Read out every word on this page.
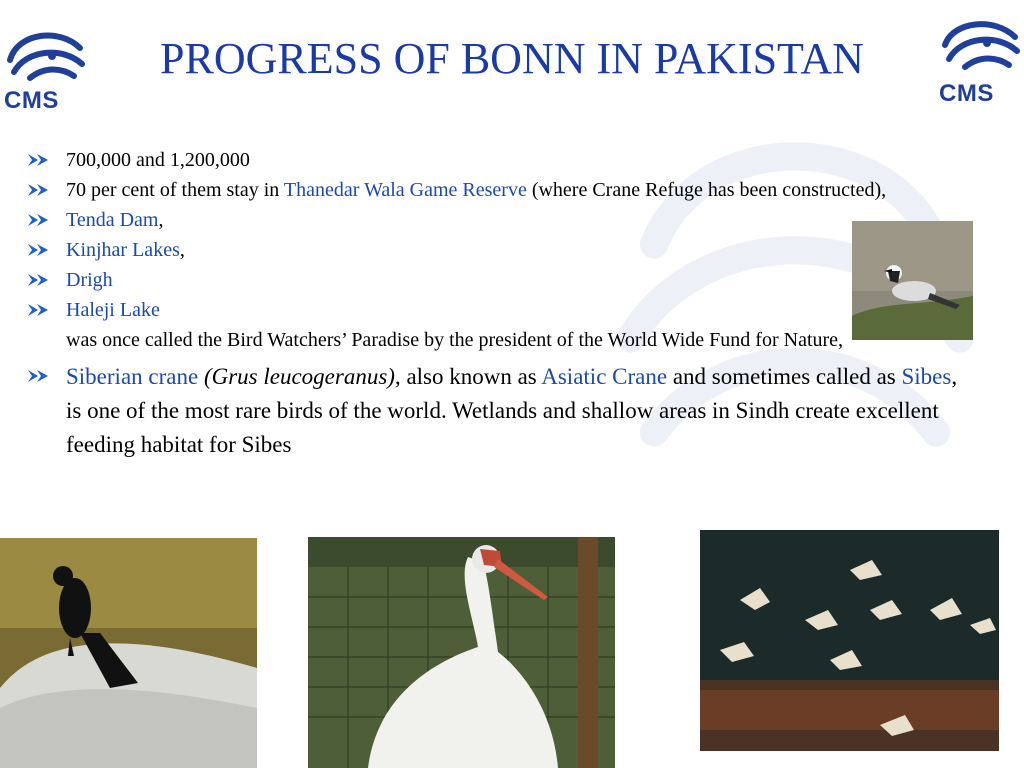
CMS	CMS
PROGRESS OF BONN IN PAKISTAN
700,000 and 1,200,000
70 per cent of them stay in Thanedar Wala Game Reserve (where Crane Refuge has been constructed),
Tenda Dam,
Kinjhar Lakes,
Drigh
Haleji Lake
was once called the Bird Watchers’ Paradise by the president of the World Wide Fund for Nature,
Siberian crane (Grus leucogeranus), also known as Asiatic Crane and sometimes called as Sibes, is one of the most rare birds of the world. Wetlands and shallow areas in Sindh create excellent feeding habitat for Sibes
